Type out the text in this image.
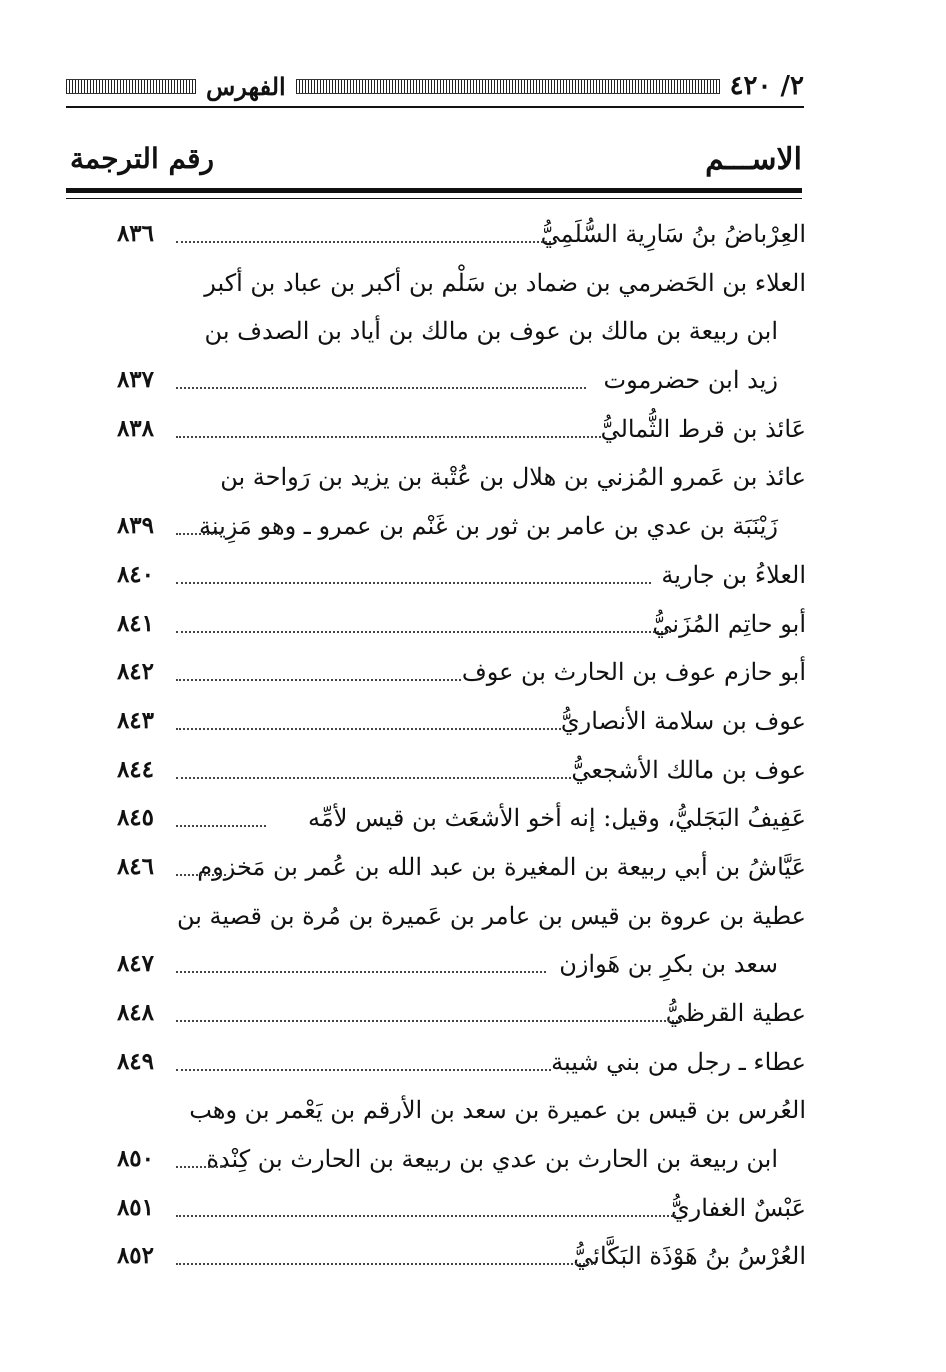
٢/ ٤٢٠
الفهرس
الاســـم
رقم الترجمة
العِرْباضُ بنُ سَارِية السُّلَمِيُّ
٨٣٦
العلاء بن الحَضرمي بن ضماد بن سَلْم بن أكبر بن عباد بن أكبر
ابن ربيعة بن مالك بن عوف بن مالك بن أياد بن الصدف بن
زيد ابن حضرموت
٨٣٧
عَائذ بن قرط الثُّماليُّ
٨٣٨
عائذ بن عَمرو المُزني بن هلال بن عُتْبة بن يزيد بن رَواحة بن
زَيْنَبَة بن عدي بن عامر بن ثور بن غَنْم بن عمرو ـ وهو مَزِينة
٨٣٩
العلاءُ بن جارية
٨٤٠
أبو حاتِم المُزَنيُّ
٨٤١
أبو حازم عوف بن الحارث بن عوف
٨٤٢
عوف بن سلامة الأنصاريُّ
٨٤٣
عوف بن مالك الأشجعيُّ
٨٤٤
عَفِيفُ البَجَليُّ، وقيل: إنه أخو الأشعَث بن قيس لأمِّه
٨٤٥
عَيَّاشُ بن أبي ربيعة بن المغيرة بن عبد الله بن عُمر بن مَخزوم
٨٤٦
عطية بن عروة بن قيس بن عامر بن عَميرة بن مُرة بن قصية بن
سعد بن بكرِ بن هَوازن
٨٤٧
عطية القرظيُّ
٨٤٨
عطاء ـ رجل من بني شيبة
٨٤٩
العُرس بن قيس بن عميرة بن سعد بن الأرقم بن يَعْمر بن وهب
ابن ربيعة بن الحارث بن عدي بن ربيعة بن الحارث بن كِنْدة
٨٥٠
عَبْسٌ الغفاريُّ
٨٥١
العُرْسُ بنُ هَوْذَة البَكَّائيُّ
٨٥٢
